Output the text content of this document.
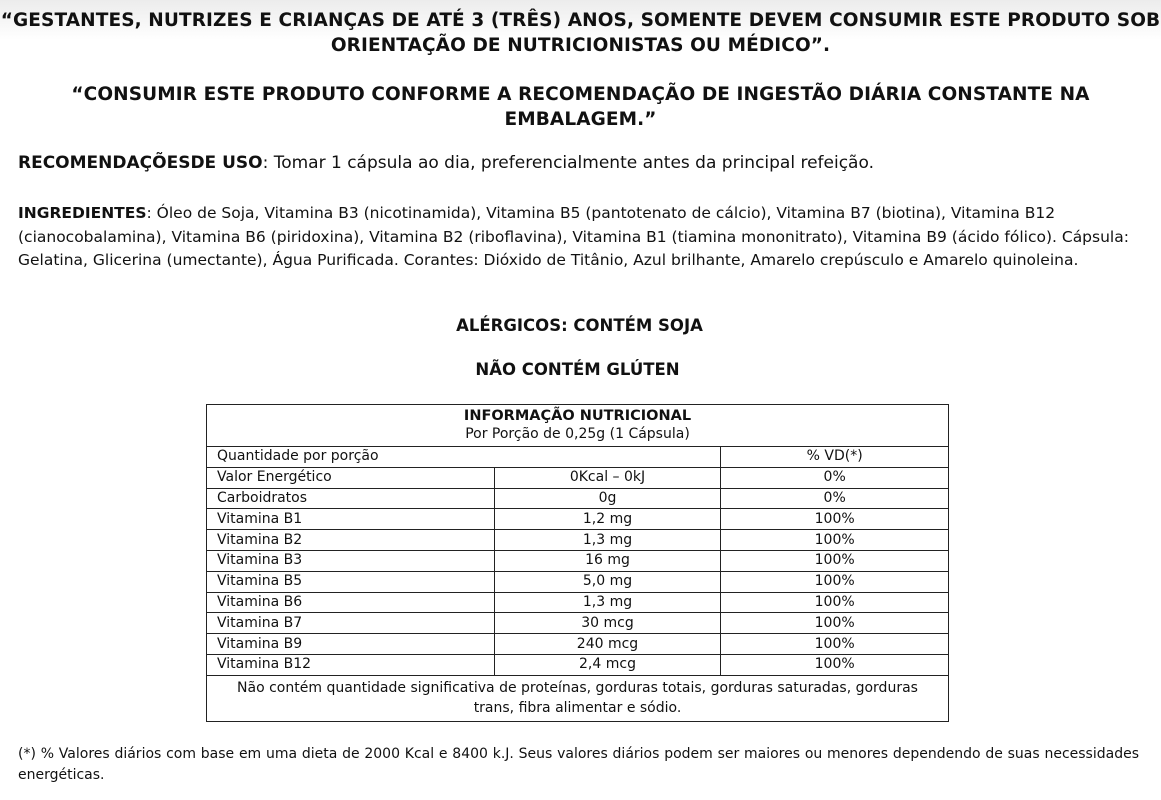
“GESTANTES, NUTRIZES E CRIANÇAS DE ATÉ 3 (TRÊS) ANOS, SOMENTE DEVEM CONSUMIR ESTE PRODUTO SOB ORIENTAÇÃO DE NUTRICIONISTAS OU MÉDICO”.
“CONSUMIR ESTE PRODUTO CONFORME A RECOMENDAÇÃO DE INGESTÃO DIÁRIA CONSTANTE NA EMBALAGEM.”
RECOMENDAÇÕESDE USO: Tomar 1 cápsula ao dia, preferencialmente antes da principal refeição.
INGREDIENTES: Óleo de Soja, Vitamina B3 (nicotinamida), Vitamina B5 (pantotenato de cálcio), Vitamina B7 (biotina), Vitamina B12 (cianocobalamina), Vitamina B6 (piridoxina), Vitamina B2 (riboflavina), Vitamina B1 (tiamina mononitrato), Vitamina B9 (ácido fólico). Cápsula: Gelatina, Glicerina (umectante), Água Purificada. Corantes: Dióxido de Titânio, Azul brilhante, Amarelo crepúsculo e Amarelo quinoleina.
ALÉRGICOS: CONTÉM SOJA
NÃO CONTÉM GLÚTEN
INFORMAÇÃO NUTRICIONAL
Por Porção de 0,25g (1 Cápsula)		
Quantidade por porção		% VD(*)
Valor Energético	0Kcal – 0kJ	0%
Carboidratos	0g	0%
Vitamina B1	1,2 mg	100%
Vitamina B2	1,3 mg	100%
Vitamina B3	16 mg	100%
Vitamina B5	5,0 mg	100%
Vitamina B6	1,3 mg	100%
Vitamina B7	30 mcg	100%
Vitamina B9	240 mcg	100%
Vitamina B12	2,4 mcg	100%
Não contém quantidade significativa de proteínas, gorduras totais, gorduras saturadas, gorduras trans, fibra alimentar e sódio.		
(*) % Valores diários com base em uma dieta de 2000 Kcal e 8400 k.J. Seus valores diários podem ser maiores ou menores dependendo de suas necessidades energéticas.
